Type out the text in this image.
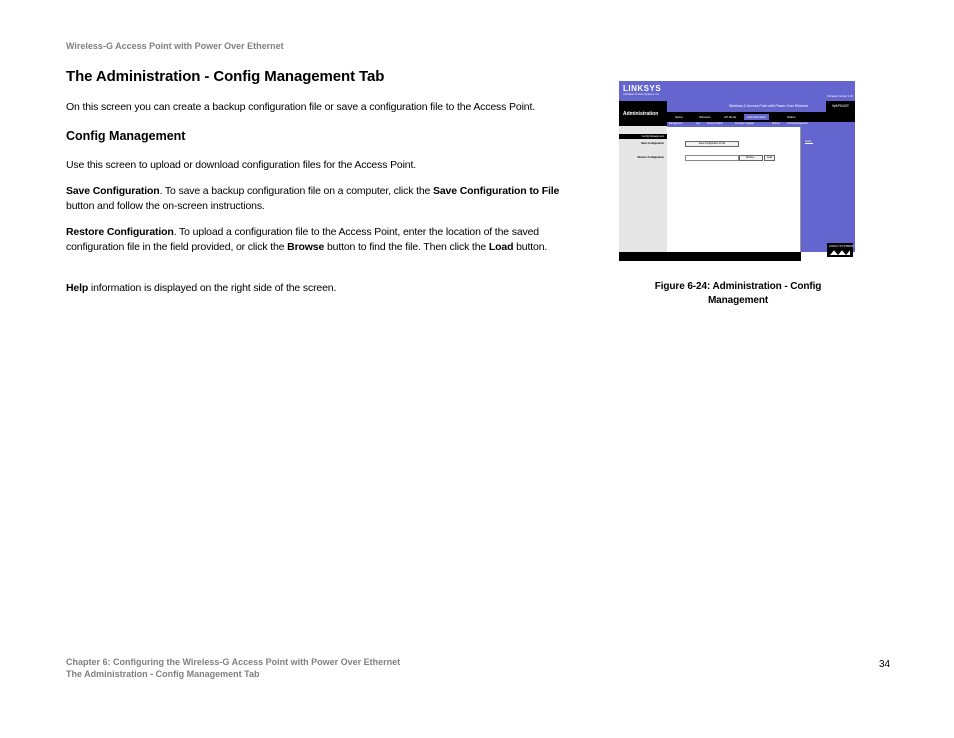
Wireless-G Access Point with Power Over Ethernet
The Administration - Config Management Tab

On this screen you can create a backup configuration file or save a configuration file to the Access Point.

Config Management

Use this screen to upload or download configuration files for the Access Point.

Save Configuration. To save a backup configuration file on a computer, click the Save Configuration to File button and follow the on-screen instructions.

Restore Configuration. To upload a configuration file to the Access Point, enter the location of the saved configuration file in the field provided, or click the Browse button to find the file. Then click the Load button.

Help information is displayed on the right side of the screen.

LINKSYS
A Division of Cisco Systems, Inc.
Firmware Version: 1.00
Administration
Wireless-G Access Point with Power Over Ethernet	WAP54GP
Setup	Wireless	AP Mode	Administration	Status
Management	Log	Factory Default	Firmware Upgrade	Reboot	Config Management
Config Management
Save Configuration
Restore Configuration
Save Configuration to File
Browse...	Load
Help...
CISCO SYSTEMS
Figure 6-24: Administration - Config Management
Chapter 6: Configuring the Wireless-G Access Point with Power Over Ethernet
The Administration - Config Management Tab
34
